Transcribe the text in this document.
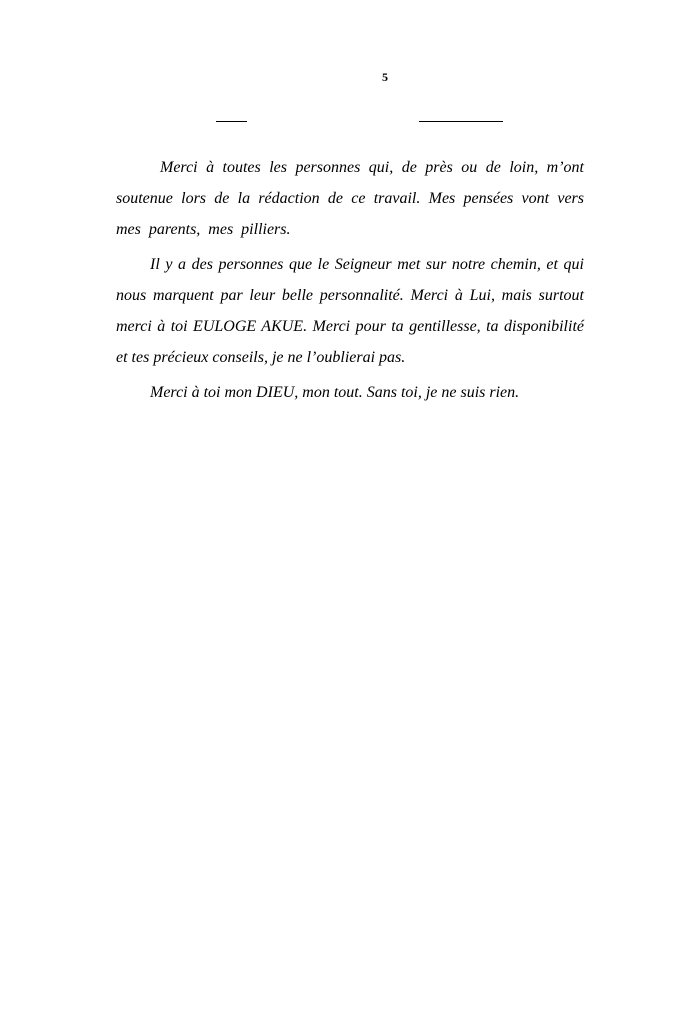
5

Merci à toutes les personnes qui, de près ou de loin, m’ont soutenue lors de la rédaction de ce travail. Mes pensées vont vers mes parents, mes pilliers.

Il y a des personnes que le Seigneur met sur notre chemin, et qui nous marquent par leur belle personnalité. Merci à Lui, mais surtout merci à toi EULOGE AKUE. Merci pour ta gentillesse, ta disponibilité et tes précieux conseils, je ne l’oublierai pas.

Merci à toi mon DIEU, mon tout. Sans toi, je ne suis rien.
